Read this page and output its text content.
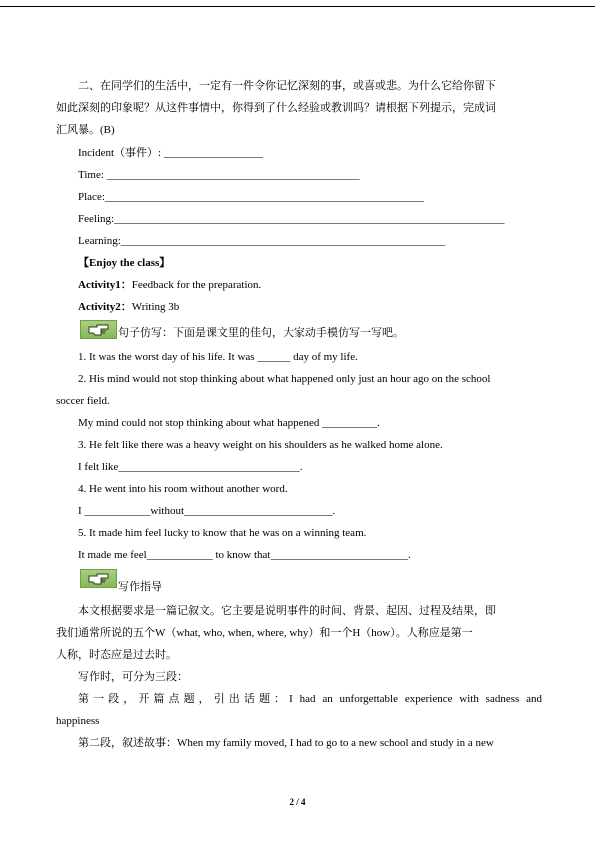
二、在同学们的生活中，一定有一件令你记忆深刻的事，或喜或悲。为什么它给你留下
如此深刻的印象呢？从这件事情中，你得到了什么经验或教训吗？请根据下列提示，完成词
汇风暴。(B)
Incident（事件）: __________________
Time: ______________________________________________
Place:__________________________________________________________
Feeling:_______________________________________________________________________
Learning:___________________________________________________________
【Enjoy the class】
Activity1：Feedback for the preparation.
Activity2：Writing 3b
句子仿写：下面是课文里的佳句，大家动手模仿写一写吧。
1. It was the worst day of his life. It was ______ day of my life.
2. His mind would not stop thinking about what happened only just an hour ago on the school
soccer field.
My mind could not stop thinking about what happened __________.
3. He felt like there was a heavy weight on his shoulders as he walked home alone.
I felt like_________________________________.
4. He went into his room without another word.
I ____________without___________________________.
5. It made him feel lucky to know that he was on a winning team.
It made me feel____________ to know that_________________________.
写作指导
本文根据要求是一篇记叙文。它主要是说明事件的时间、背景、起因、过程及结果，即
我们通常所说的五个W（what, who, when, where, why）和一个H（how）。人称应是第一
人称，时态应是过去时。
写作时，可分为三段：
第一段，开篇点题，引出话题：I had an unforgettable experience with sadness and
happiness
第二段，叙述故事：When my family moved, I had to go to a new school and study in a new
2 / 4
